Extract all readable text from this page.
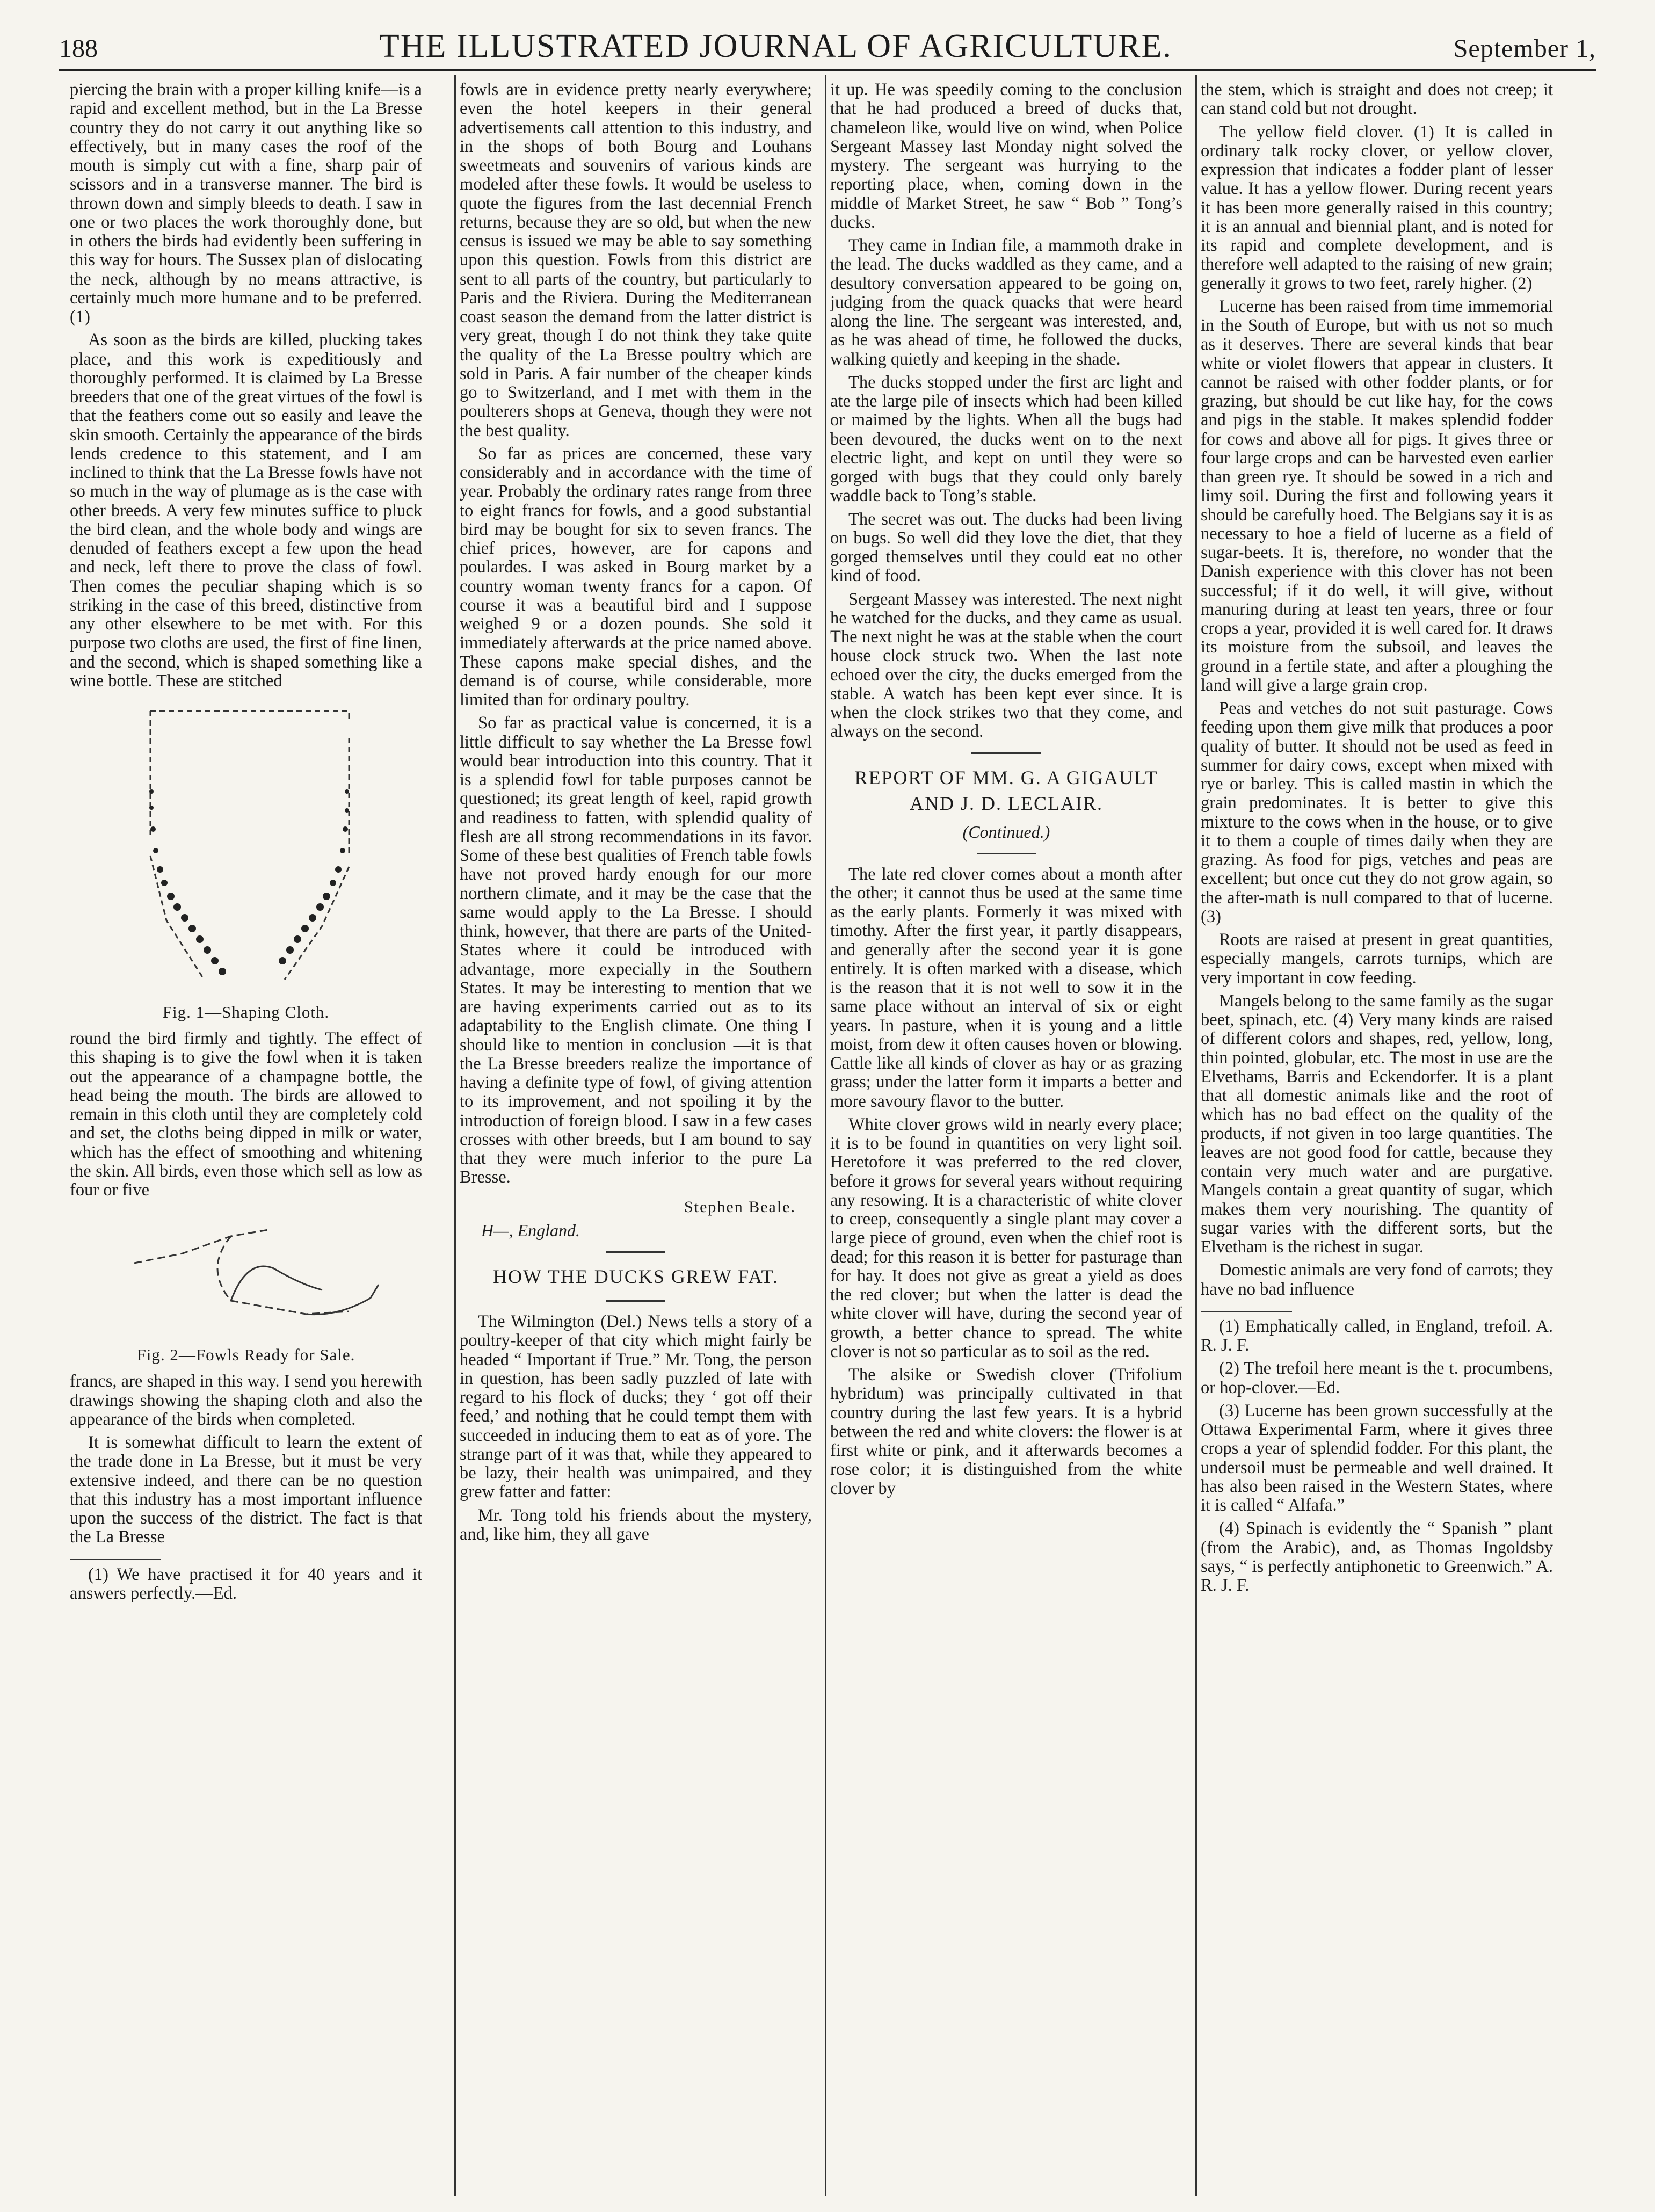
188	THE ILLUSTRATED JOURNAL OF AGRICULTURE.	September 1,

piercing the brain with a proper killing knife—is a rapid and excellent method, but in the La Bresse country they do not carry it out anything like so effectively, but in many cases the roof of the mouth is simply cut with a fine, sharp pair of scissors and in a transverse manner. The bird is thrown down and simply bleeds to death. I saw in one or two places the work thoroughly done, but in others the birds had evidently been suffering in this way for hours. The Sussex plan of dislocating the neck, although by no means attractive, is certainly much more humane and to be preferred. (1)

As soon as the birds are killed, plucking takes place, and this work is expeditiously and thoroughly performed. It is claimed by La Bresse breeders that one of the great virtues of the fowl is that the feathers come out so easily and leave the skin smooth. Certainly the appearance of the birds lends credence to this statement, and I am inclined to think that the La Bresse fowls have not so much in the way of plumage as is the case with other breeds. A very few minutes suffice to pluck the bird clean, and the whole body and wings are denuded of feathers except a few upon the head and neck, left there to prove the class of fowl. Then comes the peculiar shaping which is so striking in the case of this breed, distinctive from any other elsewhere to be met with. For this purpose two cloths are used, the first of fine linen, and the second, which is shaped something like a wine bottle. These are stitched

Fig. 1—Shaping Cloth.

round the bird firmly and tightly. The effect of this shaping is to give the fowl when it is taken out the appearance of a champagne bottle, the head being the mouth. The birds are allowed to remain in this cloth until they are completely cold and set, the cloths being dipped in milk or water, which has the effect of smoothing and whitening the skin. All birds, even those which sell as low as four or five

Fig. 2—Fowls Ready for Sale.

francs, are shaped in this way. I send you herewith drawings showing the shaping cloth and also the appearance of the birds when completed.

It is somewhat difficult to learn the extent of the trade done in La Bresse, but it must be very extensive indeed, and there can be no question that this industry has a most important influence upon the success of the district. The fact is that the La Bresse

(1) We have practised it for 40 years and it answers perfectly.—Ed.

fowls are in evidence pretty nearly everywhere; even the hotel keepers in their general advertisements call attention to this industry, and in the shops of both Bourg and Louhans sweetmeats and souvenirs of various kinds are modeled after these fowls. It would be useless to quote the figures from the last decennial French returns, because they are so old, but when the new census is issued we may be able to say something upon this question. Fowls from this district are sent to all parts of the country, but particularly to Paris and the Riviera. During the Mediterranean coast season the demand from the latter district is very great, though I do not think they take quite the quality of the La Bresse poultry which are sold in Paris. A fair number of the cheaper kinds go to Switzerland, and I met with them in the poulterers shops at Geneva, though they were not the best quality.

So far as prices are concerned, these vary considerably and in accordance with the time of year. Probably the ordinary rates range from three to eight francs for fowls, and a good substantial bird may be bought for six to seven francs. The chief prices, however, are for capons and poulardes. I was asked in Bourg market by a country woman twenty francs for a capon. Of course it was a beautiful bird and I suppose weighed 9 or a dozen pounds. She sold it immediately afterwards at the price named above. These capons make special dishes, and the demand is of course, while considerable, more limited than for ordinary poultry.

So far as practical value is concerned, it is a little difficult to say whether the La Bresse fowl would bear introduction into this country. That it is a splendid fowl for table purposes cannot be questioned; its great length of keel, rapid growth and readiness to fatten, with splendid quality of flesh are all strong recommendations in its favor. Some of these best qualities of French table fowls have not proved hardy enough for our more northern climate, and it may be the case that the same would apply to the La Bresse. I should think, however, that there are parts of the United-States where it could be introduced with advantage, more expecially in the Southern States. It may be interesting to mention that we are having experiments carried out as to its adaptability to the English climate. One thing I should like to mention in conclusion —it is that the La Bresse breeders realize the importance of having a definite type of fowl, of giving attention to its improvement, and not spoiling it by the introduction of foreign blood. I saw in a few cases crosses with other breeds, but I am bound to say that they were much inferior to the pure La Bresse.

Stephen Beale.
H—, England.
HOW THE DUCKS GREW FAT.

The Wilmington (Del.) News tells a story of a poultry-keeper of that city which might fairly be headed “ Important if True.” Mr. Tong, the person in question, has been sadly puzzled of late with regard to his flock of ducks; they ‘ got off their feed,’ and nothing that he could tempt them with succeeded in inducing them to eat as of yore. The strange part of it was that, while they appeared to be lazy, their health was unimpaired, and they grew fatter and fatter:

Mr. Tong told his friends about the mystery, and, like him, they all gave

it up. He was speedily coming to the conclusion that he had produced a breed of ducks that, chameleon like, would live on wind, when Police Sergeant Massey last Monday night solved the mystery. The sergeant was hurrying to the reporting place, when, coming down in the middle of Market Street, he saw “ Bob ” Tong’s ducks.

They came in Indian file, a mammoth drake in the lead. The ducks waddled as they came, and a desultory conversation appeared to be going on, judging from the quack quacks that were heard along the line. The sergeant was interested, and, as he was ahead of time, he followed the ducks, walking quietly and keeping in the shade.

The ducks stopped under the first arc light and ate the large pile of insects which had been killed or maimed by the lights. When all the bugs had been devoured, the ducks went on to the next electric light, and kept on until they were so gorged with bugs that they could only barely waddle back to Tong’s stable.

The secret was out. The ducks had been living on bugs. So well did they love the diet, that they gorged themselves until they could eat no other kind of food.

Sergeant Massey was interested. The next night he watched for the ducks, and they came as usual. The next night he was at the stable when the court house clock struck two. When the last note echoed over the city, the ducks emerged from the stable. A watch has been kept ever since. It is when the clock strikes two that they come, and always on the second.

REPORT OF MM. G. A GIGAULT AND J. D. LECLAIR.
(Continued.)

The late red clover comes about a month after the other; it cannot thus be used at the same time as the early plants. Formerly it was mixed with timothy. After the first year, it partly disappears, and generally after the second year it is gone entirely. It is often marked with a disease, which is the reason that it is not well to sow it in the same place without an interval of six or eight years. In pasture, when it is young and a little moist, from dew it often causes hoven or blowing. Cattle like all kinds of clover as hay or as grazing grass; under the latter form it imparts a better and more savoury flavor to the butter.

White clover grows wild in nearly every place; it is to be found in quantities on very light soil. Heretofore it was preferred to the red clover, before it grows for several years without requiring any resowing. It is a characteristic of white clover to creep, consequently a single plant may cover a large piece of ground, even when the chief root is dead; for this reason it is better for pasturage than for hay. It does not give as great a yield as does the red clover; but when the latter is dead the white clover will have, during the second year of growth, a better chance to spread. The white clover is not so particular as to soil as the red.

The alsike or Swedish clover (Trifolium hybridum) was principally cultivated in that country during the last few years. It is a hybrid between the red and white clovers: the flower is at first white or pink, and it afterwards becomes a rose color; it is distinguished from the white clover by

the stem, which is straight and does not creep; it can stand cold but not drought.

The yellow field clover. (1) It is called in ordinary talk rocky clover, or yellow clover, expression that indicates a fodder plant of lesser value. It has a yellow flower. During recent years it has been more generally raised in this country; it is an annual and biennial plant, and is noted for its rapid and complete development, and is therefore well adapted to the raising of new grain; generally it grows to two feet, rarely higher. (2)

Lucerne has been raised from time immemorial in the South of Europe, but with us not so much as it deserves. There are several kinds that bear white or violet flowers that appear in clusters. It cannot be raised with other fodder plants, or for grazing, but should be cut like hay, for the cows and pigs in the stable. It makes splendid fodder for cows and above all for pigs. It gives three or four large crops and can be harvested even earlier than green rye. It should be sowed in a rich and limy soil. During the first and following years it should be carefully hoed. The Belgians say it is as necessary to hoe a field of lucerne as a field of sugar-beets. It is, therefore, no wonder that the Danish experience with this clover has not been successful; if it do well, it will give, without manuring during at least ten years, three or four crops a year, provided it is well cared for. It draws its moisture from the subsoil, and leaves the ground in a fertile state, and after a ploughing the land will give a large grain crop.

Peas and vetches do not suit pasturage. Cows feeding upon them give milk that produces a poor quality of butter. It should not be used as feed in summer for dairy cows, except when mixed with rye or barley. This is called mastin in which the grain predominates. It is better to give this mixture to the cows when in the house, or to give it to them a couple of times daily when they are grazing. As food for pigs, vetches and peas are excellent; but once cut they do not grow again, so the after-math is null compared to that of lucerne. (3)

Roots are raised at present in great quantities, especially mangels, carrots turnips, which are very important in cow feeding.

Mangels belong to the same family as the sugar beet, spinach, etc. (4) Very many kinds are raised of different colors and shapes, red, yellow, long, thin pointed, globular, etc. The most in use are the Elvethams, Barris and Eckendorfer. It is a plant that all domestic animals like and the root of which has no bad effect on the quality of the products, if not given in too large quantities. The leaves are not good food for cattle, because they contain very much water and are purgative. Mangels contain a great quantity of sugar, which makes them very nourishing. The quantity of sugar varies with the different sorts, but the Elvetham is the richest in sugar.

Domestic animals are very fond of carrots; they have no bad influence

(1) Emphatically called, in England, trefoil. A. R. J. F.

(2) The trefoil here meant is the t. procumbens, or hop-clover.—Ed.

(3) Lucerne has been grown successfully at the Ottawa Experimental Farm, where it gives three crops a year of splendid fodder. For this plant, the undersoil must be permeable and well drained. It has also been raised in the Western States, where it is called “ Alfafa.”

(4) Spinach is evidently the “ Spanish ” plant (from the Arabic), and, as Thomas Ingoldsby says, “ is perfectly antiphonetic to Greenwich.” A. R. J. F.
